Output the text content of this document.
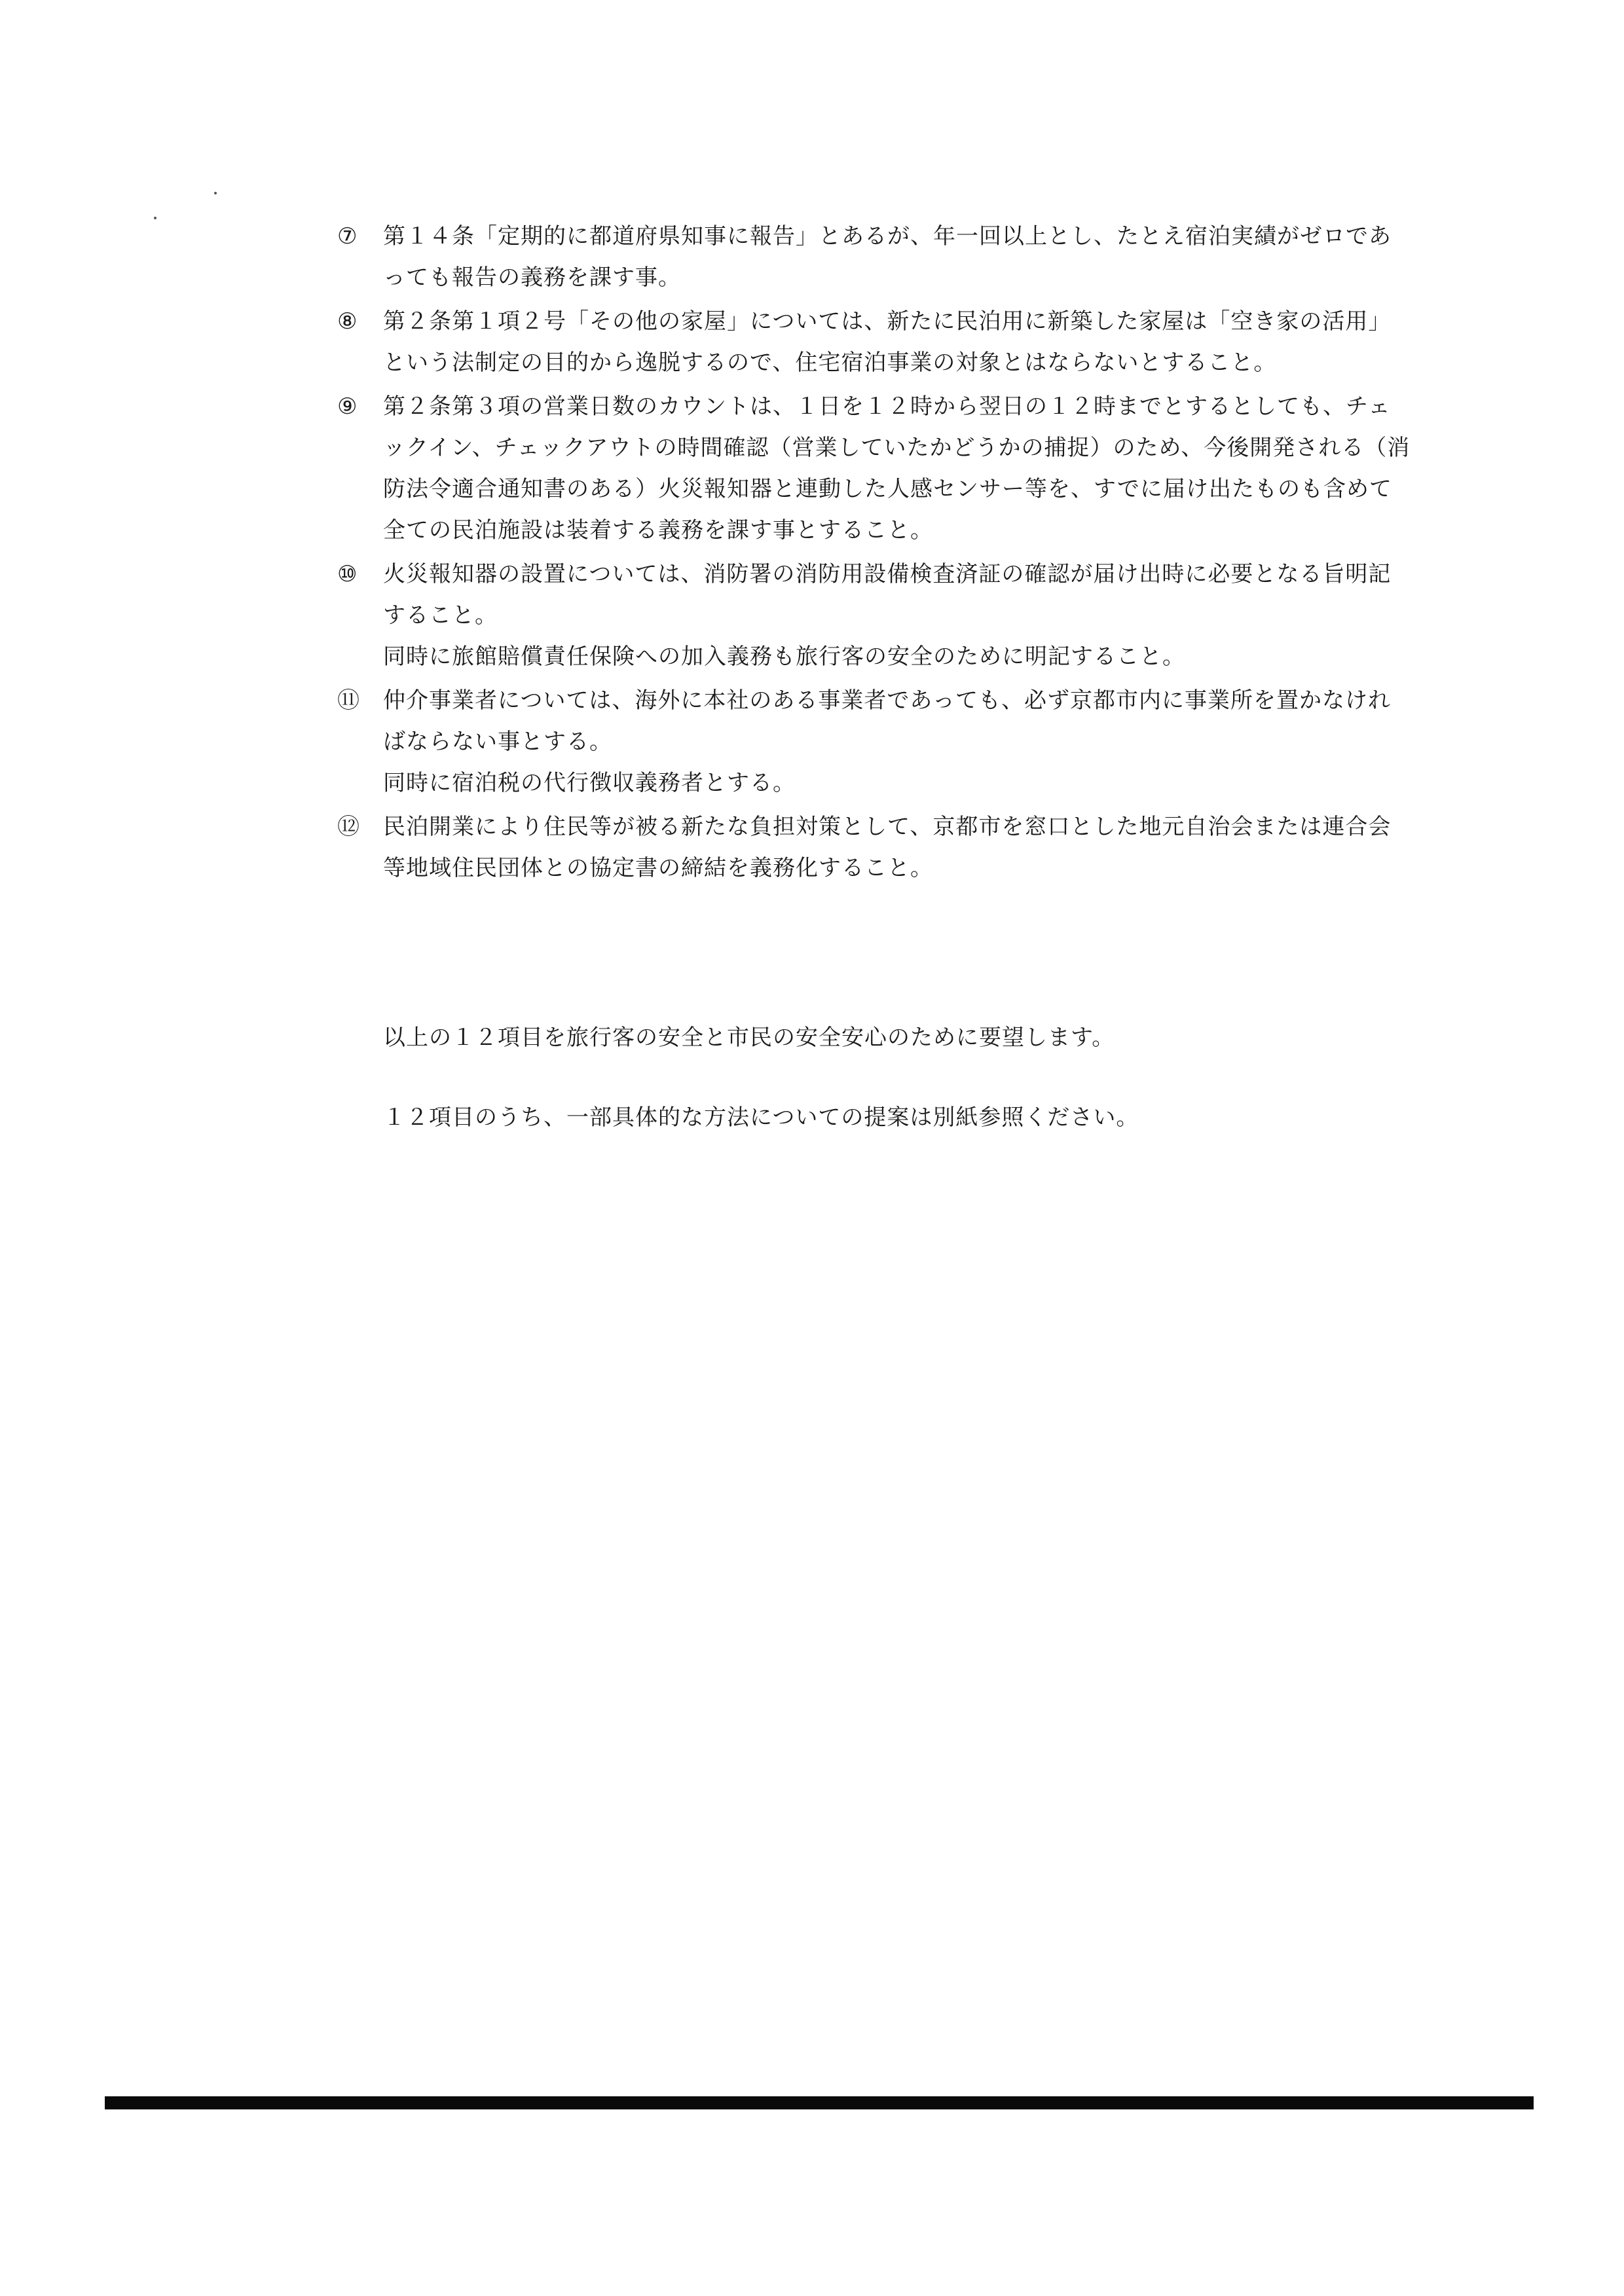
⑦	第１４条「定期的に都道府県知事に報告」とあるが、年一回以上とし、たとえ宿泊実績がゼロであっても報告の義務を課す事。

⑧	第２条第１項２号「その他の家屋」については、新たに民泊用に新築した家屋は「空き家の活用」という法制定の目的から逸脱するので、住宅宿泊事業の対象とはならないとすること。

⑨	第２条第３項の営業日数のカウントは、１日を１２時から翌日の１２時までとするとしても、チェックイン、チェックアウトの時間確認（営業していたかどうかの捕捉）のため、今後開発される（消防法令適合通知書のある）火災報知器と連動した人感センサー等を、すでに届け出たものも含めて全ての民泊施設は装着する義務を課す事とすること。

⑩	火災報知器の設置については、消防署の消防用設備検査済証の確認が届け出時に必要となる旨明記すること。

同時に旅館賠償責任保険への加入義務も旅行客の安全のために明記すること。

⑪	仲介事業者については、海外に本社のある事業者であっても、必ず京都市内に事業所を置かなければならない事とする。

同時に宿泊税の代行徴収義務者とする。

⑫	民泊開業により住民等が被る新たな負担対策として、京都市を窓口とした地元自治会または連合会等地域住民団体との協定書の締結を義務化すること。

以上の１２項目を旅行客の安全と市民の安全安心のために要望します。

１２項目のうち、一部具体的な方法についての提案は別紙参照ください。
